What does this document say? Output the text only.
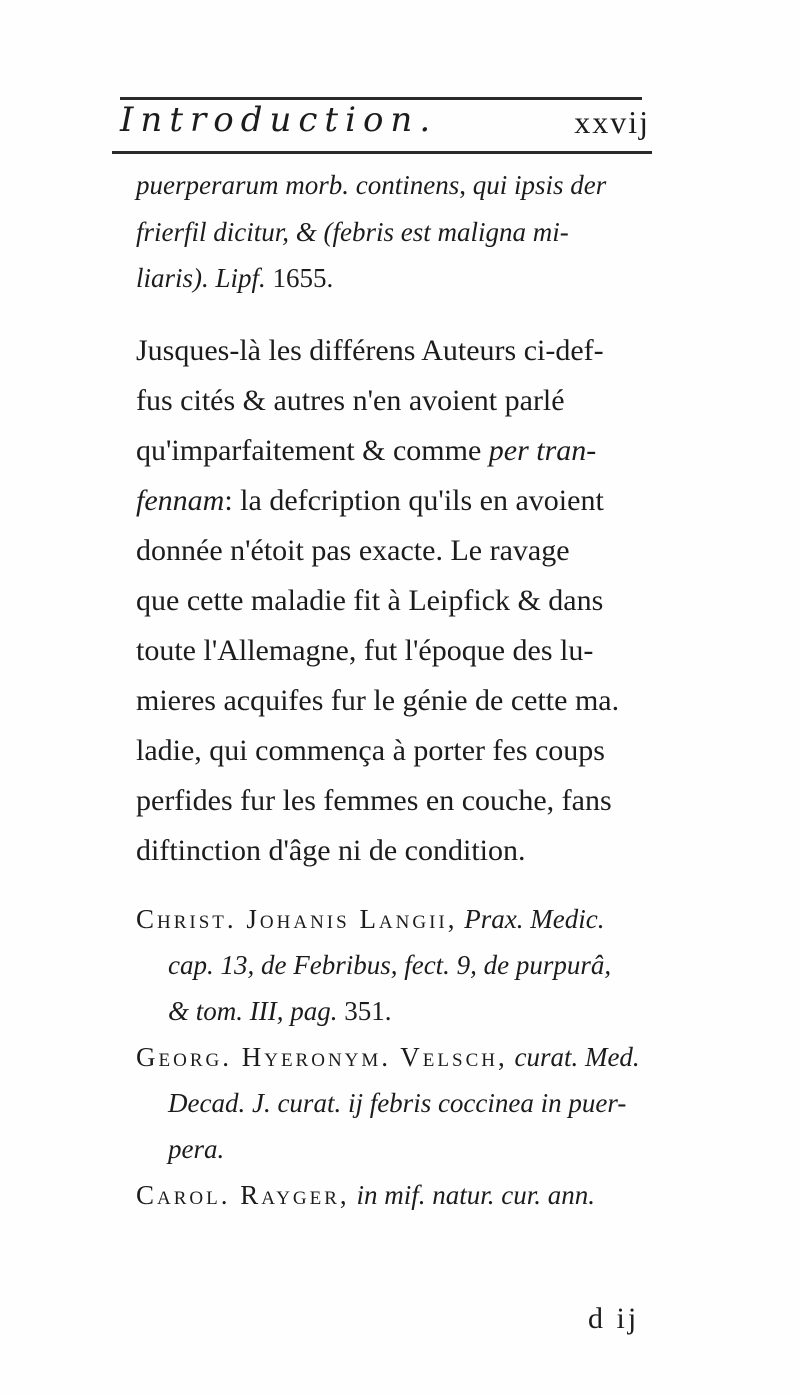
Introduction.	xxvij
puerperarum morb. continens, qui ipsis der
frierfil dicitur, & (febris est maligna mi-
liaris). Lipf. 1655.
Jusques-là les différens Auteurs ci-def-
fus cités & autres n'en avoient parlé
qu'imparfaitement & comme per tran-
fennam: la defcription qu'ils en avoient
donnée n'étoit pas exacte. Le ravage
que cette maladie fit à Leipfick & dans
toute l'Allemagne, fut l'époque des lu-
mieres acquifes fur le génie de cette ma.
ladie, qui commença à porter fes coups
perfides fur les femmes en couche, fans
diftinction d'âge ni de condition.
Christ. Johanis Langii, Prax. Medic.
cap. 13, de Febribus, fect. 9, de purpurâ,
& tom. III, pag. 351.
Georg. Hyeronym. Velsch, curat. Med.
Decad. J. curat. ij febris coccinea in puer-
pera.
Carol. Rayger, in mif. natur. cur. ann.
d ij
